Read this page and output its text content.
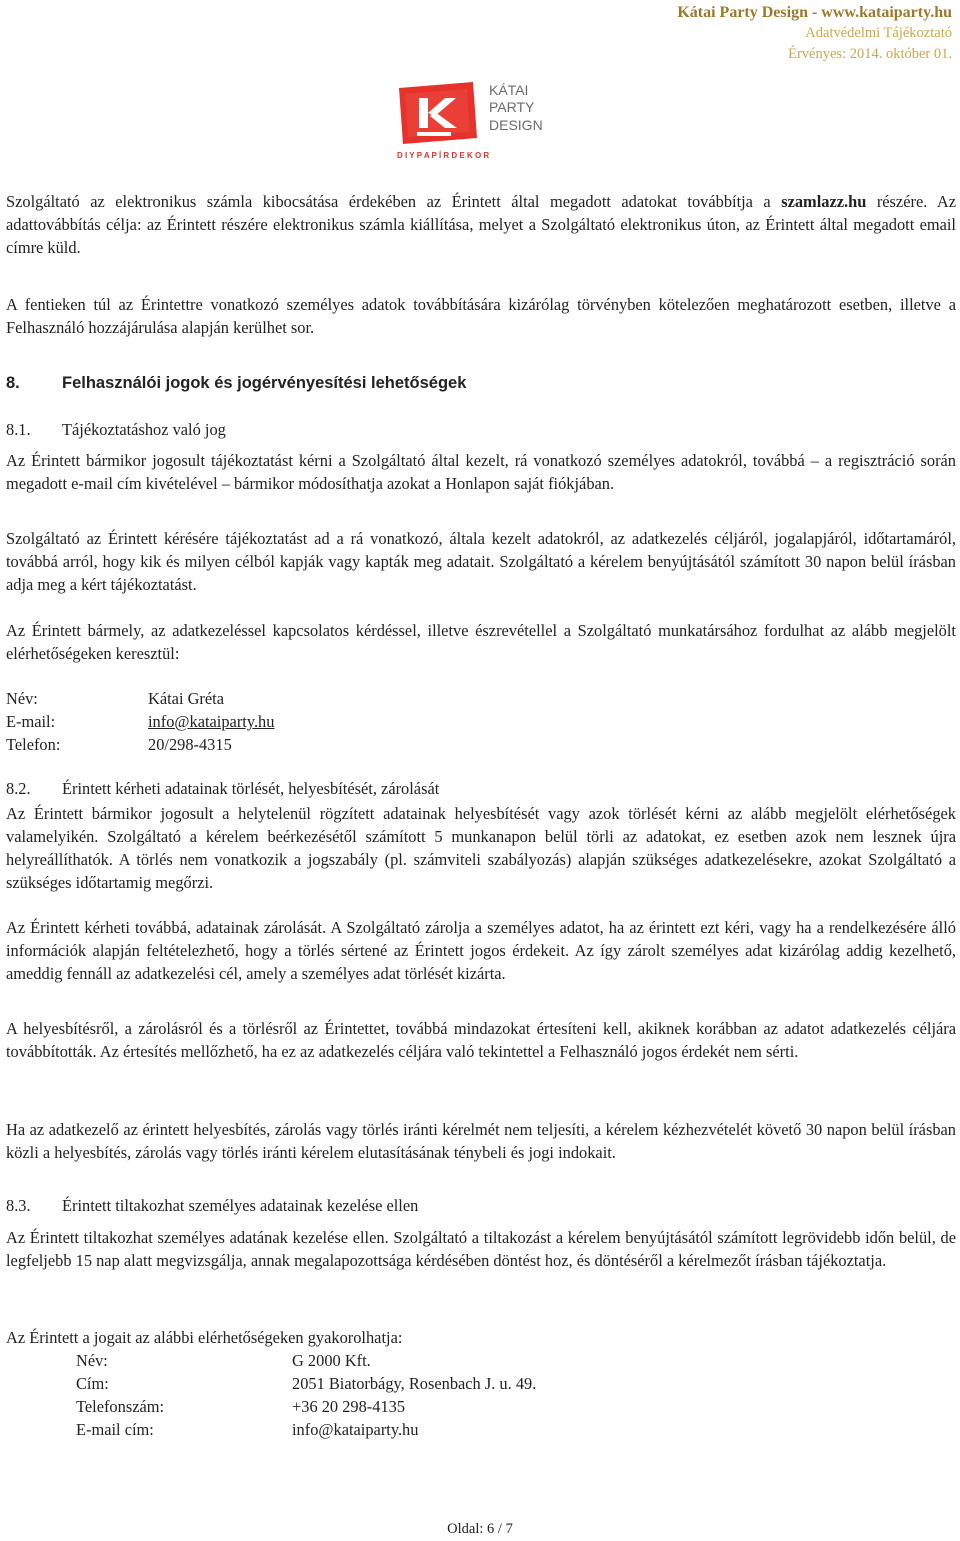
Kátai Party Design - www.kataiparty.hu
Adatvédelmi Tájékoztató
Érvényes: 2014. október 01.
KÁTAI
PARTY
DESIGN
D I Y P A P Í R D E K O R

Szolgáltató az elektronikus számla kibocsátása érdekében az Érintett által megadott adatokat továbbítja a szamlazz.hu részére. Az adattovábbítás célja: az Érintett részére elektronikus számla kiállítása, melyet a Szolgáltató elektronikus úton, az Érintett által megadott email címre küld.

A fentieken túl az Érintettre vonatkozó személyes adatok továbbítására kizárólag törvényben kötelezően meghatározott esetben, illetve a Felhasználó hozzájárulása alapján kerülhet sor.

8.	Felhasználói jogok és jogérvényesítési lehetőségek
8.1. Tájékoztatáshoz való jog

Az Érintett bármikor jogosult tájékoztatást kérni a Szolgáltató által kezelt, rá vonatkozó személyes adatokról, továbbá – a regisztráció során megadott e-mail cím kivételével – bármikor módosíthatja azokat a Honlapon saját fiókjában.

Szolgáltató az Érintett kérésére tájékoztatást ad a rá vonatkozó, általa kezelt adatokról, az adatkezelés céljáról, jogalapjáról, időtartamáról, továbbá arról, hogy kik és milyen célból kapják vagy kapták meg adatait. Szolgáltató a kérelem benyújtásától számított 30 napon belül írásban adja meg a kért tájékoztatást.

Az Érintett bármely, az adatkezeléssel kapcsolatos kérdéssel, illetve észrevétellel a Szolgáltató munkatársához fordulhat az alább megjelölt elérhetőségeken keresztül:

Név:	Kátai Gréta
E-mail:	info@kataiparty.hu
Telefon:	20/298-4315
8.2. Érintett kérheti adatainak törlését, helyesbítését, zárolását

Az Érintett bármikor jogosult a helytelenül rögzített adatainak helyesbítését vagy azok törlését kérni az alább megjelölt elérhetőségek valamelyikén. Szolgáltató a kérelem beérkezésétől számított 5 munkanapon belül törli az adatokat, ez esetben azok nem lesznek újra helyreállíthatók. A törlés nem vonatkozik a jogszabály (pl. számviteli szabályozás) alapján szükséges adatkezelésekre, azokat Szolgáltató a szükséges időtartamig megőrzi.

Az Érintett kérheti továbbá, adatainak zárolását. A Szolgáltató zárolja a személyes adatot, ha az érintett ezt kéri, vagy ha a rendelkezésére álló információk alapján feltételezhető, hogy a törlés sértené az Érintett jogos érdekeit. Az így zárolt személyes adat kizárólag addig kezelhető, ameddig fennáll az adatkezelési cél, amely a személyes adat törlését kizárta.

A helyesbítésről, a zárolásról és a törlésről az Érintettet, továbbá mindazokat értesíteni kell, akiknek korábban az adatot adatkezelés céljára továbbították. Az értesítés mellőzhető, ha ez az adatkezelés céljára való tekintettel a Felhasználó jogos érdekét nem sérti.

Ha az adatkezelő az érintett helyesbítés, zárolás vagy törlés iránti kérelmét nem teljesíti, a kérelem kézhezvételét követő 30 napon belül írásban közli a helyesbítés, zárolás vagy törlés iránti kérelem elutasításának ténybeli és jogi indokait.

8.3. Érintett tiltakozhat személyes adatainak kezelése ellen

Az Érintett tiltakozhat személyes adatának kezelése ellen. Szolgáltató a tiltakozást a kérelem benyújtásától számított legrövidebb időn belül, de legfeljebb 15 nap alatt megvizsgálja, annak megalapozottsága kérdésében döntést hoz, és döntéséről a kérelmezőt írásban tájékoztatja.

Az Érintett a jogait az alábbi elérhetőségeken gyakorolhatja:

Név:	G 2000 Kft.
Cím:	2051 Biatorbágy, Rosenbach J. u. 49.
Telefonszám:	+36 20 298-4135
E-mail cím:	info@kataiparty.hu
Oldal: 6 / 7
